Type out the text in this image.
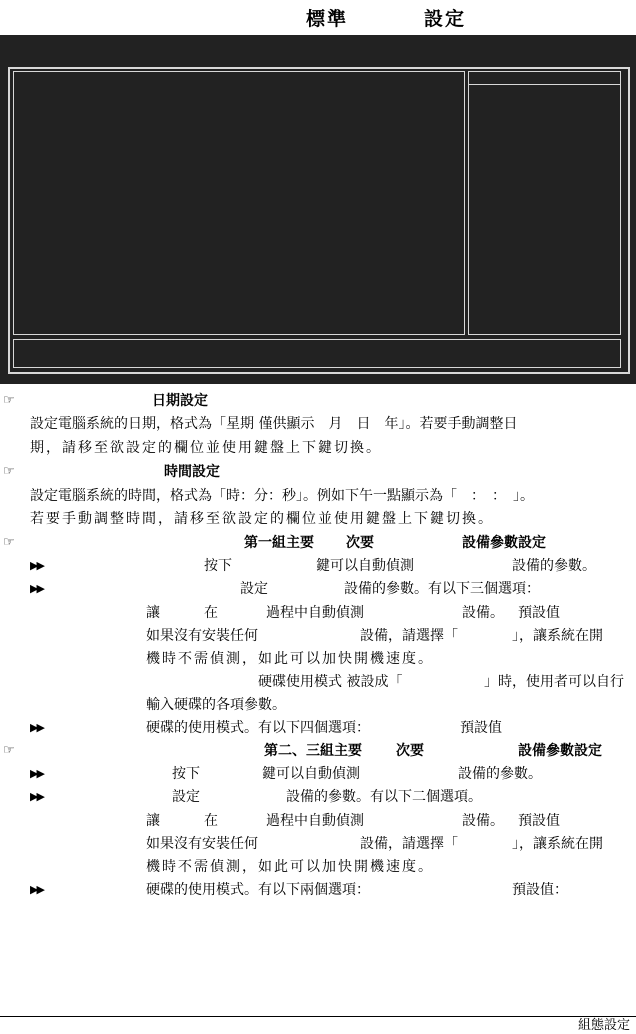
標準	設定
☞	日期設定
設定電腦系統的日期，格式為「星期 僅供顯示　月　日　年」。若要手動調整日
期，請移至欲設定的欄位並使用鍵盤上下鍵切換。
☞	時間設定
設定電腦系統的時間，格式為「時：分：秒」。例如下午一點顯示為「　：　：　」。
若要手動調整時間，請移至欲設定的欄位並使用鍵盤上下鍵切換。
☞	第一組主要 次要	設備參數設定
▶▶	按下	鍵可以自動偵測	設備的參數。
▶▶	設定	設備的參數。有以下三個選項：
讓	在	過程中自動偵測	設備。 預設值
如果沒有安裝任何	設備，請選擇「	」，讓系統在開
機時不需偵測，如此可以加快開機速度。
硬碟使用模式 被設成「	」時，使用者可以自行
輸入硬碟的各項參數。
▶▶	硬碟的使用模式。有以下四個選項：	預設值
☞	第二、三組主要 次要	設備參數設定
▶▶	按下	鍵可以自動偵測	設備的參數。
▶▶	設定	設備的參數。有以下二個選項。
讓	在	過程中自動偵測	設備。 預設值
如果沒有安裝任何	設備，請選擇「	」，讓系統在開
機時不需偵測，如此可以加快開機速度。
▶▶	硬碟的使用模式。有以下兩個選項：	預設值：
組態設定
